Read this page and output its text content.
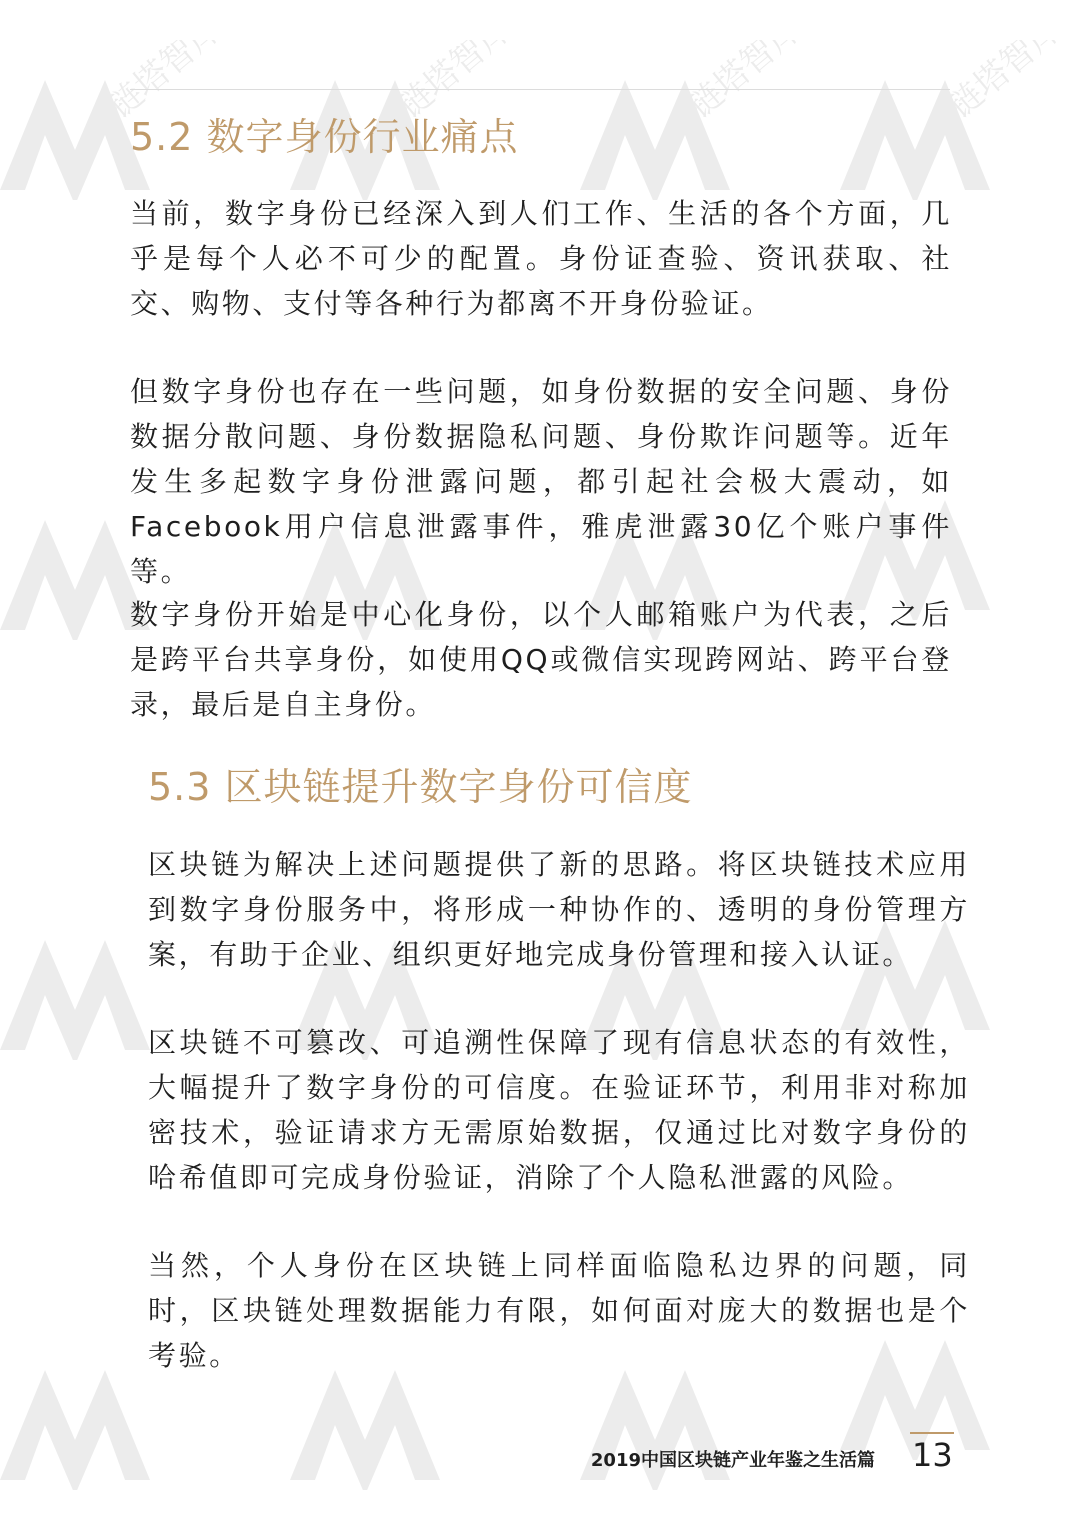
链塔智库	链塔智库	链塔智库	链塔智库
5.2 数字身份行业痛点

当前，数字身份已经深入到人们工作、生活的各个方面，几乎是每个人必不可少的配置。身份证查验、资讯获取、社交、购物、支付等各种行为都离不开身份验证。

但数字身份也存在一些问题，如身份数据的安全问题、身份数据分散问题、身份数据隐私问题、身份欺诈问题等。近年发生多起数字身份泄露问题，都引起社会极大震动，如Facebook用户信息泄露事件，雅虎泄露30亿个账户事件等。

数字身份开始是中心化身份，以个人邮箱账户为代表，之后是跨平台共享身份，如使用QQ或微信实现跨网站、跨平台登录，最后是自主身份。

5.3 区块链提升数字身份可信度

区块链为解决上述问题提供了新的思路。将区块链技术应用到数字身份服务中，将形成一种协作的、透明的身份管理方案，有助于企业、组织更好地完成身份管理和接入认证。

区块链不可篡改、可追溯性保障了现有信息状态的有效性，大幅提升了数字身份的可信度。在验证环节，利用非对称加密技术，验证请求方无需原始数据，仅通过比对数字身份的哈希值即可完成身份验证，消除了个人隐私泄露的风险。

当然，个人身份在区块链上同样面临隐私边界的问题，同时，区块链处理数据能力有限，如何面对庞大的数据也是个考验。

2019中国区块链产业年鉴之生活篇 13
